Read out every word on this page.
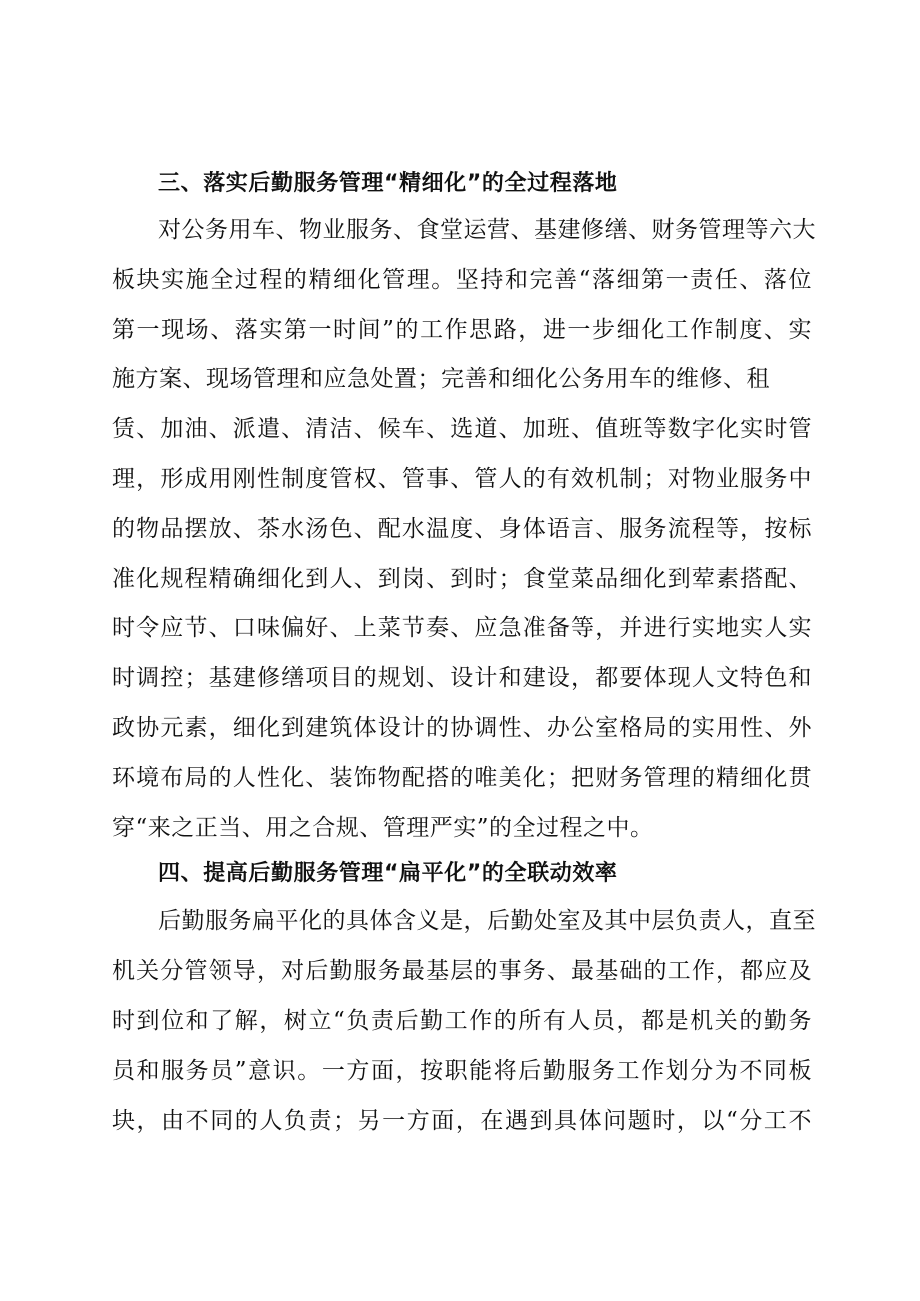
三、落实后勤服务管理“精细化”的全过程落地
对公务用车、物业服务、食堂运营、基建修缮、财务管理等六大
板块实施全过程的精细化管理。坚持和完善“落细第一责任、落位
第一现场、落实第一时间”的工作思路，进一步细化工作制度、实
施方案、现场管理和应急处置；完善和细化公务用车的维修、租
赁、加油、派遣、清洁、候车、选道、加班、值班等数字化实时管
理，形成用刚性制度管权、管事、管人的有效机制；对物业服务中
的物品摆放、茶水汤色、配水温度、身体语言、服务流程等，按标
准化规程精确细化到人、到岗、到时；食堂菜品细化到荤素搭配、
时令应节、口味偏好、上菜节奏、应急准备等，并进行实地实人实
时调控；基建修缮项目的规划、设计和建设，都要体现人文特色和
政协元素，细化到建筑体设计的协调性、办公室格局的实用性、外
环境布局的人性化、装饰物配搭的唯美化；把财务管理的精细化贯
穿“来之正当、用之合规、管理严实”的全过程之中。
四、提高后勤服务管理“扁平化”的全联动效率
后勤服务扁平化的具体含义是，后勤处室及其中层负责人，直至
机关分管领导，对后勤服务最基层的事务、最基础的工作，都应及
时到位和了解，树立“负责后勤工作的所有人员，都是机关的勤务
员和服务员”意识。一方面，按职能将后勤服务工作划分为不同板
块，由不同的人负责；另一方面，在遇到具体问题时，以“分工不
